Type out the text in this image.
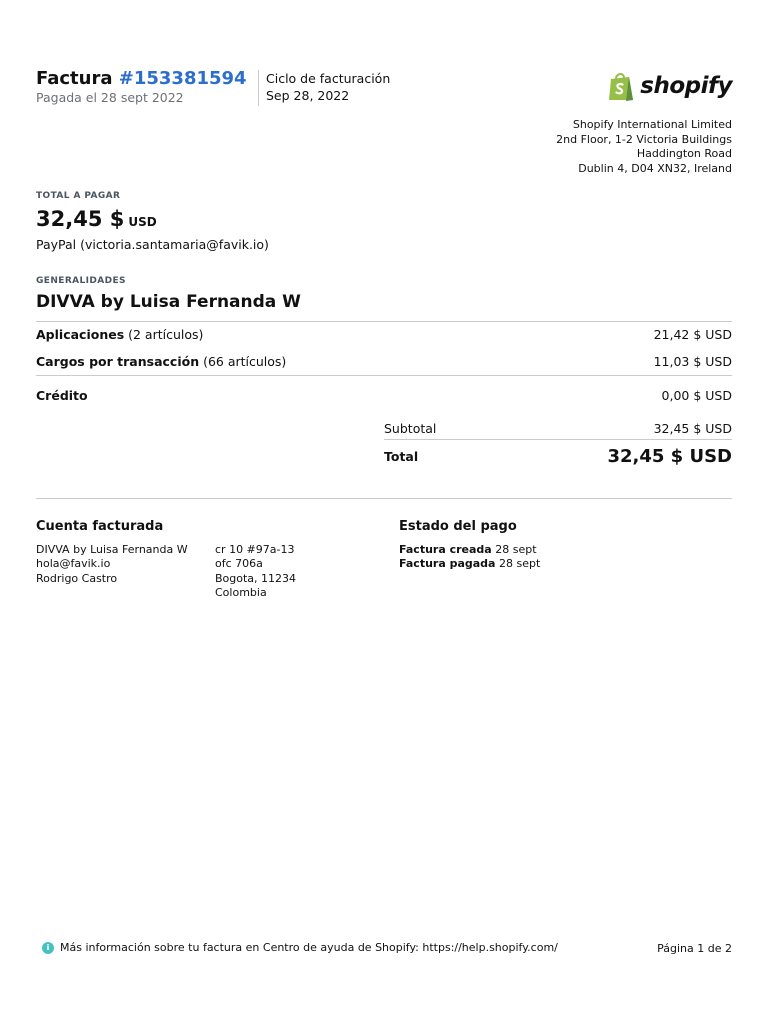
Factura #153381594
Pagada el 28 sept 2022
Ciclo de facturación
Sep 28, 2022	shopify
Shopify International Limited
2nd Floor, 1-2 Victoria Buildings
Haddington Road
Dublin 4, D04 XN32, Ireland
TOTAL A PAGAR
32,45 $ USD
PayPal (victoria.santamaria@favik.io)
GENERALIDADES
DIVVA by Luisa Fernanda W
Aplicaciones (2 artículos)	21,42 $ USD
Cargos por transacción (66 artículos)	11,03 $ USD
Crédito	0,00 $ USD
Subtotal	32,45 $ USD
Total	32,45 $ USD
Cuenta facturada
DIVVA by Luisa Fernanda W
hola@favik.io
Rodrigo Castro
cr 10 #97a-13
ofc 706a
Bogota, 11234
Colombia
Estado del pago
Factura creada 28 sept
Factura pagada 28 sept
i Más información sobre tu factura en Centro de ayuda de Shopify: https://help.shopify.com/	Página 1 de 2
